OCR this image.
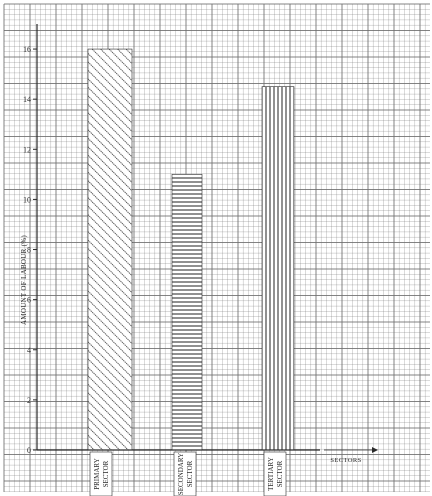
0
2
4
6
8
10
12
14
16
PRIMARY SECTOR	SECONDARY SECTOR	TERTIARY SECTOR
AMOUNT OF LABOUR (%)
SECTORS
